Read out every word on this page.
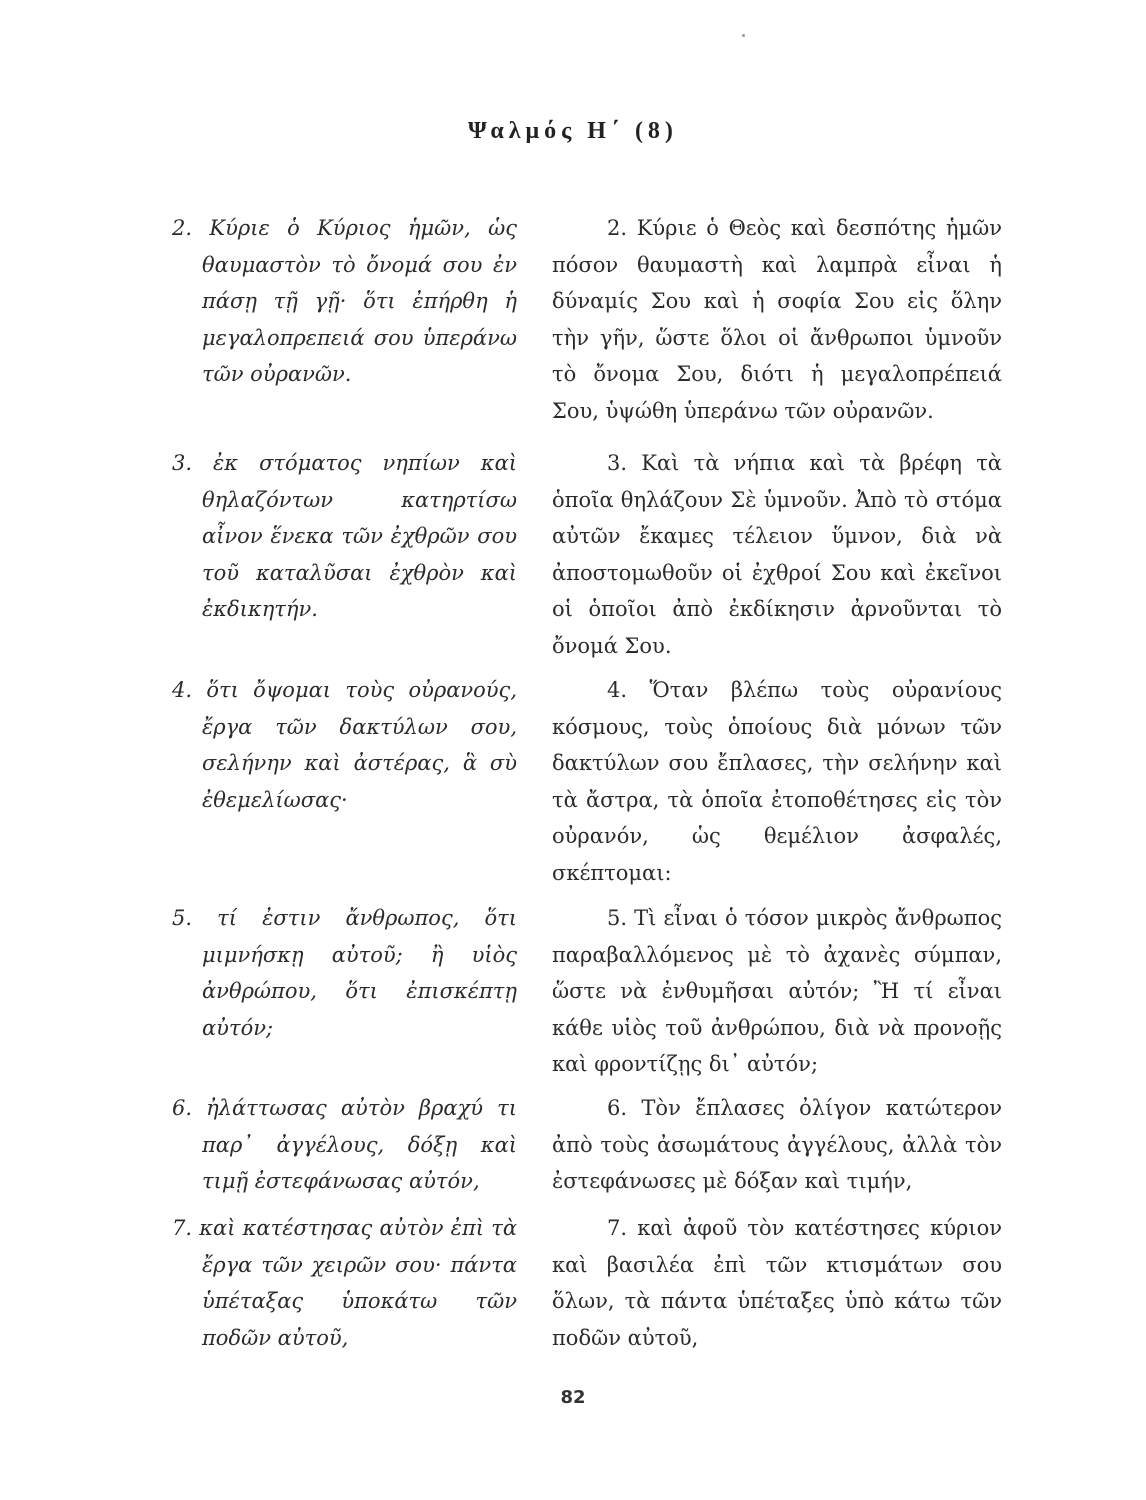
Ψαλμός Η΄ (8)

2. Κύριε ὁ Κύριος ἡμῶν, ὡς θαυμαστὸν τὸ ὄνομά σου ἐν πάσῃ τῇ γῇ· ὅτι ἐπήρθη ἡ μεγαλοπρεπειά σου ὑπεράνω τῶν οὐρανῶν.

3. ἐκ στόματος νηπίων καὶ θηλαζόντων κατηρτίσω αἶνον ἕνεκα τῶν ἐχθρῶν σου τοῦ καταλῦσαι ἐχθρὸν καὶ ἐκδικητήν.

4. ὅτι ὄψομαι τοὺς οὐρανούς, ἔργα τῶν δακτύλων σου, σελήνην καὶ ἀστέρας, ἃ σὺ ἐθεμελίωσας·

5. τί ἐστιν ἄνθρωπος, ὅτι μιμνήσκῃ αὐτοῦ; ἢ υἱὸς ἀνθρώπου, ὅτι ἐπισκέπτῃ αὐτόν;

6. ἠλάττωσας αὐτὸν βραχύ τι παρ᾿ ἀγγέλους, δόξῃ καὶ τιμῇ ἐστεφάνωσας αὐτόν,

7. καὶ κατέστησας αὐτὸν ἐπὶ τὰ ἔργα τῶν χειρῶν σου· πάντα ὑπέταξας ὑποκάτω τῶν ποδῶν αὐτοῦ,

2. Κύριε ὁ Θεὸς καὶ δεσπότης ἡμῶν πόσον θαυμαστὴ καὶ λαμπρὰ εἶναι ἡ δύναμίς Σου καὶ ἡ σοφία Σου εἰς ὅλην τὴν γῆν, ὥστε ὅλοι οἱ ἄνθρωποι ὑμνοῦν τὸ ὄνομα Σου, διότι ἡ μεγαλοπρέπειά Σου, ὑψώθη ὑπεράνω τῶν οὐρανῶν.

3. Καὶ τὰ νήπια καὶ τὰ βρέφη τὰ ὁποῖα θηλάζουν Σὲ ὑμνοῦν. Ἀπὸ τὸ στόμα αὐτῶν ἔκαμες τέλειον ὕμνον, διὰ νὰ ἀποστομωθοῦν οἱ ἐχθροί Σου καὶ ἐκεῖνοι οἱ ὁποῖοι ἀπὸ ἐκδίκησιν ἀρνοῦνται τὸ ὄνομά Σου.

4. Ὅταν βλέπω τοὺς οὐρανίους κόσμους, τοὺς ὁποίους διὰ μόνων τῶν δακτύλων σου ἔπλασες, τὴν σελήνην καὶ τὰ ἄστρα, τὰ ὁποῖα ἐτοποθέτησες εἰς τὸν οὐρανόν, ὡς θεμέλιον ἀσφαλές, σκέπτομαι:

5. Τὶ εἶναι ὁ τόσον μικρὸς ἄνθρωπος παραβαλλόμενος μὲ τὸ ἀχανὲς σύμπαν, ὥστε νὰ ἐνθυμῆσαι αὐτόν; Ἢ τί εἶναι κάθε υἱὸς τοῦ ἀνθρώπου, διὰ νὰ προνοῇς καὶ φροντίζῃς δι᾿ αὐτόν;

6. Τὸν ἔπλασες ὀλίγον κατώτερον ἀπὸ τοὺς ἀσωμάτους ἀγγέλους, ἀλλὰ τὸν ἐστεφάνωσες μὲ δόξαν καὶ τιμήν,

7. καὶ ἀφοῦ τὸν κατέστησες κύριον καὶ βασιλέα ἐπὶ τῶν κτισμάτων σου ὅλων, τὰ πάντα ὑπέταξες ὑπὸ κάτω τῶν ποδῶν αὐτοῦ,

82
